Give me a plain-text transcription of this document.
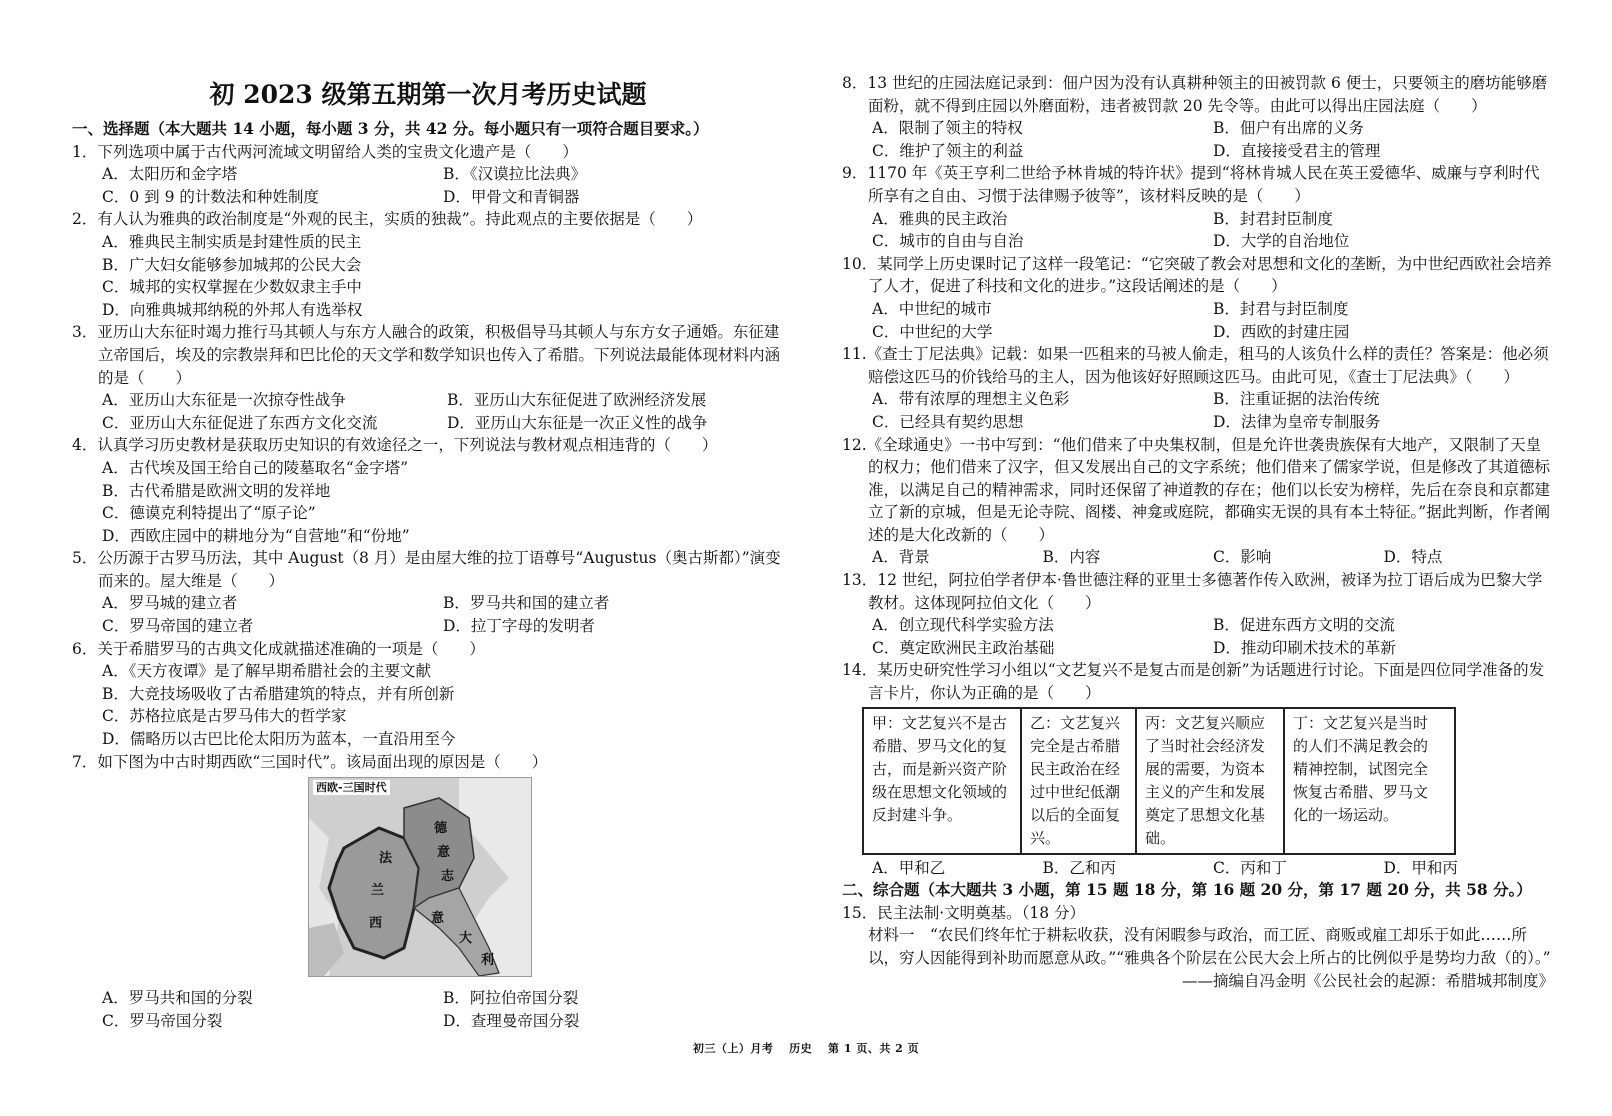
初 2023 级第五期第一次月考历史试题
一、选择题（本大题共 14 小题，每小题 3 分，共 42 分。每小题只有一项符合题目要求。）
1．下列选项中属于古代两河流域文明留给人类的宝贵文化遗产是（　　）
A．太阳历和金字塔	B．《汉谟拉比法典》
C．0 到 9 的计数法和种姓制度	D．甲骨文和青铜器
2．有人认为雅典的政治制度是“外观的民主，实质的独裁”。持此观点的主要依据是（　　）
A．雅典民主制实质是封建性质的民主
B．广大妇女能够参加城邦的公民大会
C．城邦的实权掌握在少数奴隶主手中
D．向雅典城邦纳税的外邦人有选举权
3．亚历山大东征时竭力推行马其顿人与东方人融合的政策，积极倡导马其顿人与东方女子通婚。东征建立帝国后，埃及的宗教崇拜和巴比伦的天文学和数学知识也传入了希腊。下列说法最能体现材料内涵的是（　　）
A．亚历山大东征是一次掠夺性战争	B．亚历山大东征促进了欧洲经济发展
C．亚历山大东征促进了东西方文化交流	D．亚历山大东征是一次正义性的战争
4．认真学习历史教材是获取历史知识的有效途径之一，下列说法与教材观点相违背的（　　）
A．古代埃及国王给自己的陵墓取名“金字塔”
B．古代希腊是欧洲文明的发祥地
C．德谟克利特提出了“原子论”
D．西欧庄园中的耕地分为“自营地”和“份地”
5．公历源于古罗马历法，其中 August（8 月）是由屋大维的拉丁语尊号“Augustus（奥古斯都）”演变而来的。屋大维是（　　）
A．罗马城的建立者	B．罗马共和国的建立者
C．罗马帝国的建立者	D．拉丁字母的发明者
6．关于希腊罗马的古典文化成就描述准确的一项是（　　）
A．《天方夜谭》是了解早期希腊社会的主要文献
B．大竞技场吸收了古希腊建筑的特点，并有所创新
C．苏格拉底是古罗马伟大的哲学家
D．儒略历以古巴比伦太阳历为蓝本，一直沿用至今
7．如下图为中古时期西欧“三国时代”。该局面出现的原因是（　　）
西欧-三国时代
法
兰
西
德
意
志
意
大
利
A．罗马共和国的分裂	B．阿拉伯帝国分裂
C．罗马帝国分裂	D．查理曼帝国分裂
8．13 世纪的庄园法庭记录到：佃户因为没有认真耕种领主的田被罚款 6 便士，只要领主的磨坊能够磨面粉，就不得到庄园以外磨面粉，违者被罚款 20 先令等。由此可以得出庄园法庭（　　）
A．限制了领主的特权	B．佃户有出席的义务
C．维护了领主的利益	D．直接接受君主的管理
9．1170 年《英王亨利二世给予林肯城的特许状》提到“将林肯城人民在英王爱德华、威廉与亨利时代所享有之自由、习惯于法律赐予彼等”，该材料反映的是（　　）
A．雅典的民主政治	B．封君封臣制度
C．城市的自由与自治	D．大学的自治地位
10．某同学上历史课时记了这样一段笔记：“它突破了教会对思想和文化的垄断，为中世纪西欧社会培养了人才，促进了科技和文化的进步。”这段话阐述的是（　　）
A．中世纪的城市	B．封君与封臣制度
C．中世纪的大学	D．西欧的封建庄园
11.《查士丁尼法典》记载：如果一匹租来的马被人偷走，租马的人该负什么样的责任？答案是：他必须赔偿这匹马的价钱给马的主人，因为他该好好照顾这匹马。由此可见，《查士丁尼法典》（　　）
A．带有浓厚的理想主义色彩	B．注重证据的法治传统
C．已经具有契约思想	D．法律为皇帝专制服务
12.《全球通史》一书中写到：“他们借来了中央集权制，但是允许世袭贵族保有大地产，又限制了天皇的权力；他们借来了汉字，但又发展出自己的文字系统；他们借来了儒家学说，但是修改了其道德标准，以满足自己的精神需求，同时还保留了神道教的存在；他们以长安为榜样，先后在奈良和京都建立了新的京城，但是无论寺院、阁楼、神龛或庭院，都确实无误的具有本土特征。”据此判断，作者阐述的是大化改新的（　　）
A．背景	B．内容	C．影响	D．特点
13．12 世纪，阿拉伯学者伊本·鲁世德注释的亚里士多德著作传入欧洲，被译为拉丁语后成为巴黎大学教材。这体现阿拉伯文化（　　）
A．创立现代科学实验方法	B．促进东西方文明的交流
C．奠定欧洲民主政治基础	D．推动印刷术技术的革新
14．某历史研究性学习小组以“文艺复兴不是复古而是创新”为话题进行讨论。下面是四位同学准备的发言卡片，你认为正确的是（　　）
甲：文艺复兴不是古希腊、罗马文化的复古，而是新兴资产阶级在思想文化领域的反封建斗争。
乙：文艺复兴完全是古希腊民主政治在经过中世纪低潮以后的全面复兴。
丙：文艺复兴顺应了当时社会经济发展的需要，为资本主义的产生和发展奠定了思想文化基础。
丁：文艺复兴是当时的人们不满足教会的精神控制，试图完全恢复古希腊、罗马文化的一场运动。
A．甲和乙	B．乙和丙	C．丙和丁	D．甲和丙
二、综合题（本大题共 3 小题，第 15 题 18 分，第 16 题 20 分，第 17 题 20 分，共 58 分。）
15．民主法制·文明奠基。（18 分）
材料一　“农民们终年忙于耕耘收获，没有闲暇参与政治，而工匠、商贩或雇工却乐于如此……所以，穷人因能得到补助而愿意从政。”“雅典各个阶层在公民大会上所占的比例似乎是势均力敌（的）。”
——摘编自冯金明《公民社会的起源：希腊城邦制度》
初三（上）月考　 历史　 第 1 页、共 2 页
